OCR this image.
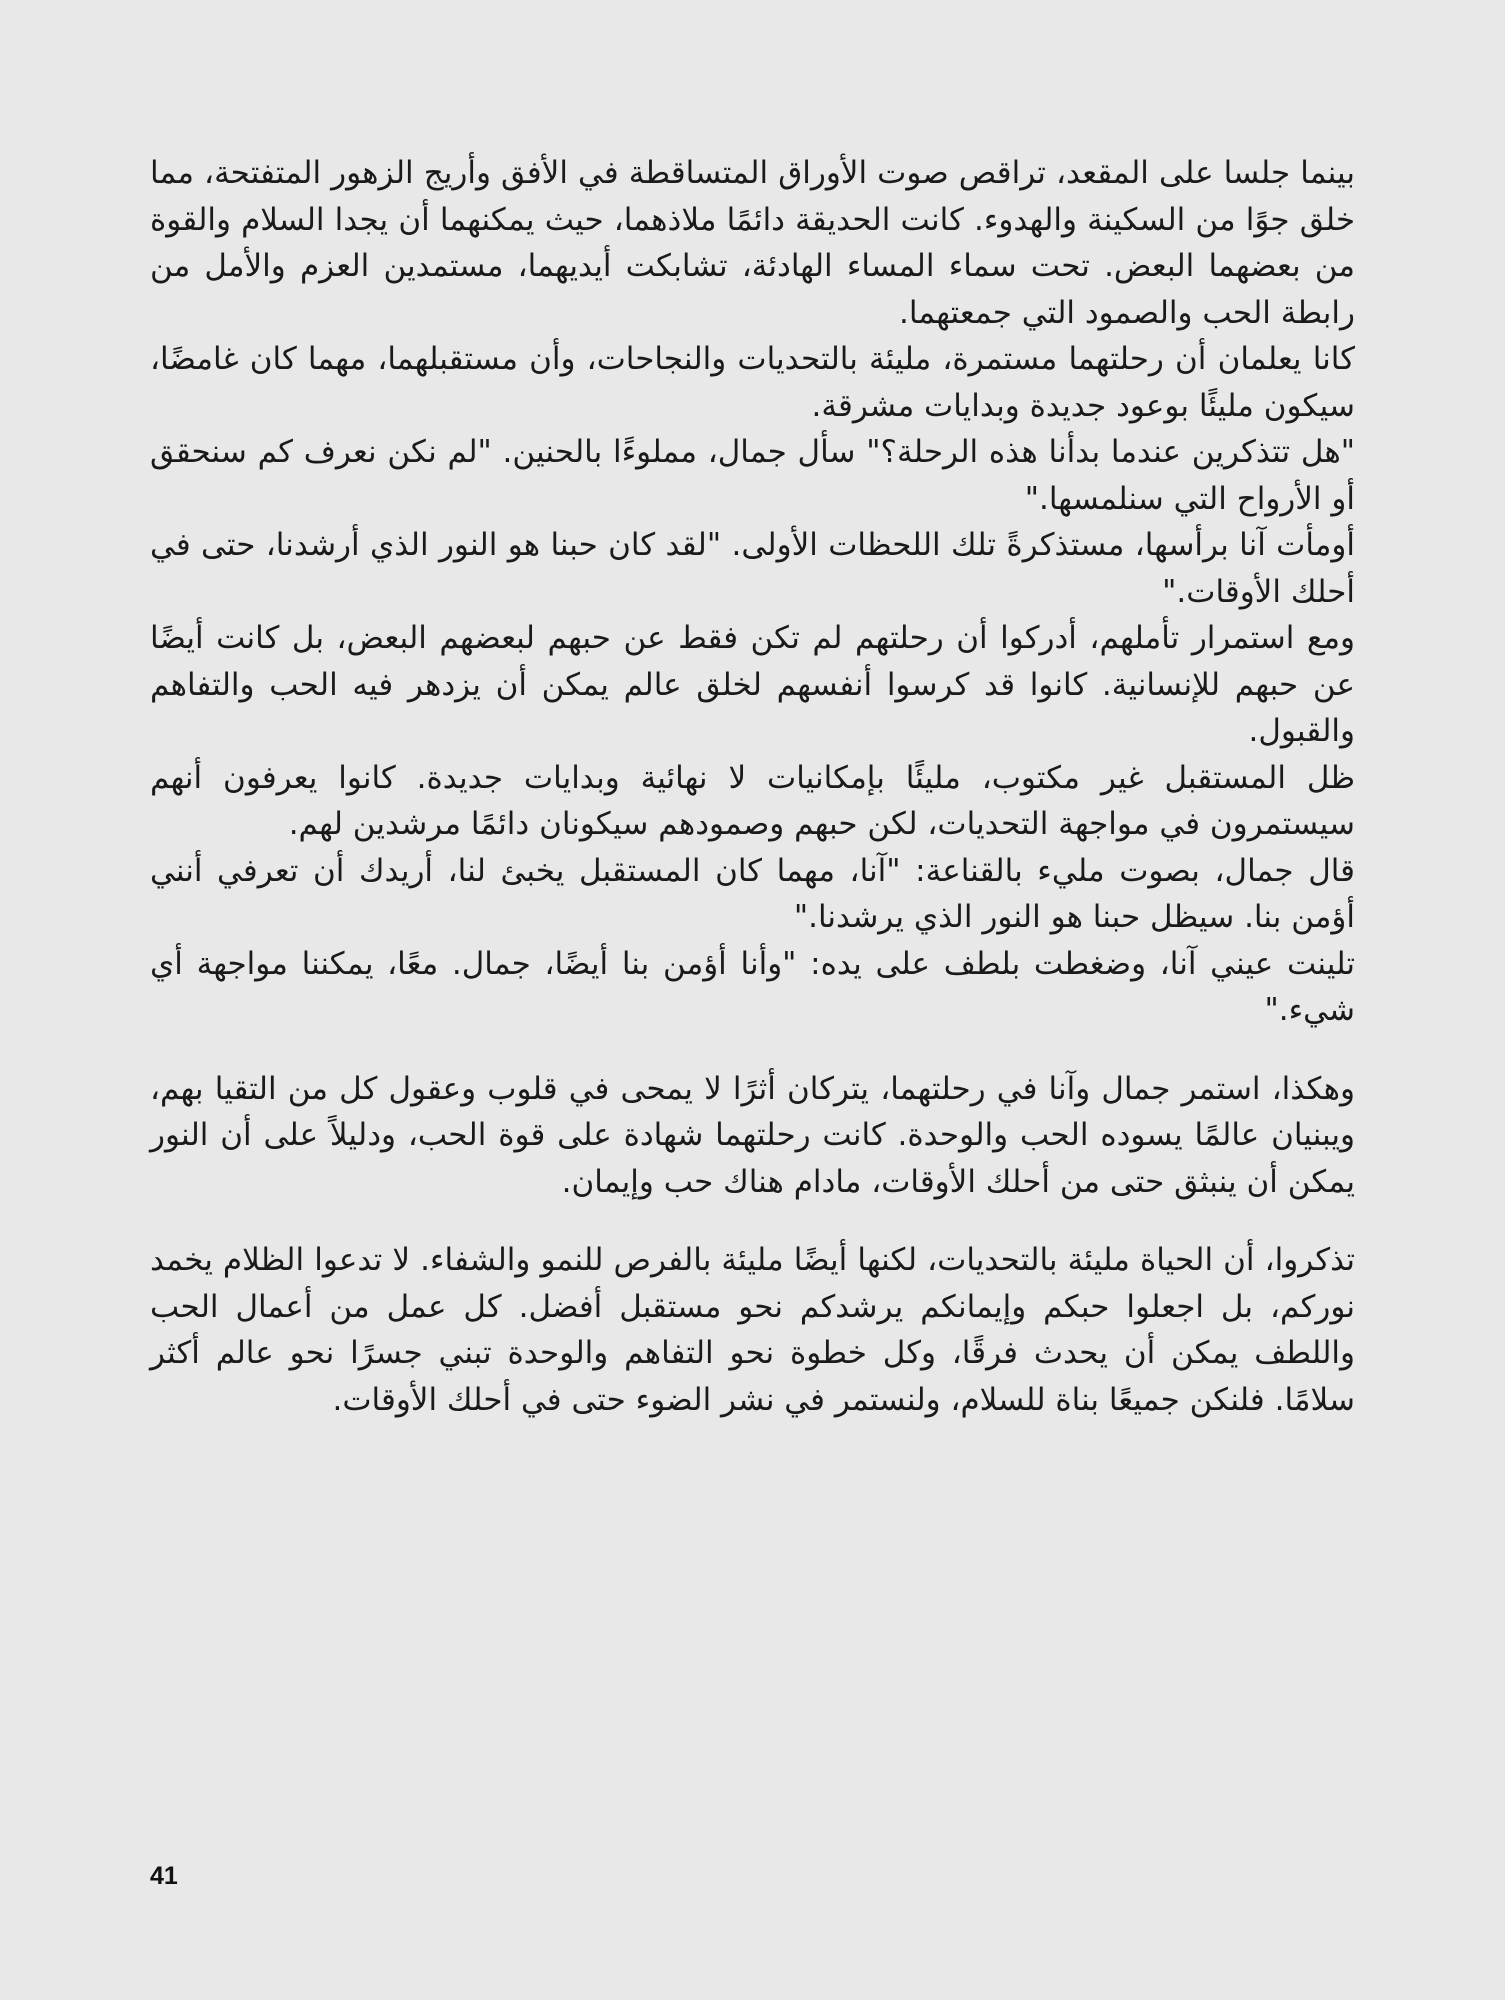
بينما جلسا على المقعد، تراقص صوت الأوراق المتساقطة في الأفق وأريج الزهور المتفتحة، مما خلق جوًا من السكينة والهدوء. كانت الحديقة دائمًا ملاذهما، حيث يمكنهما أن يجدا السلام والقوة من بعضهما البعض. تحت سماء المساء الهادئة، تشابكت أيديهما، مستمدين العزم والأمل من رابطة الحب والصمود التي جمعتهما.

كانا يعلمان أن رحلتهما مستمرة، مليئة بالتحديات والنجاحات، وأن مستقبلهما، مهما كان غامضًا، سيكون مليئًا بوعود جديدة وبدايات مشرقة.

"هل تتذكرين عندما بدأنا هذه الرحلة؟" سأل جمال، مملوءًا بالحنين. "لم نكن نعرف كم سنحقق أو الأرواح التي سنلمسها."

أومأت آنا برأسها، مستذكرةً تلك اللحظات الأولى. "لقد كان حبنا هو النور الذي أرشدنا، حتى في أحلك الأوقات."

ومع استمرار تأملهم، أدركوا أن رحلتهم لم تكن فقط عن حبهم لبعضهم البعض، بل كانت أيضًا عن حبهم للإنسانية. كانوا قد كرسوا أنفسهم لخلق عالم يمكن أن يزدهر فيه الحب والتفاهم والقبول.

ظل المستقبل غير مكتوب، مليئًا بإمكانيات لا نهائية وبدايات جديدة. كانوا يعرفون أنهم سيستمرون في مواجهة التحديات، لكن حبهم وصمودهم سيكونان دائمًا مرشدين لهم.

قال جمال، بصوت مليء بالقناعة: "آنا، مهما كان المستقبل يخبئ لنا، أريدك أن تعرفي أنني أؤمن بنا. سيظل حبنا هو النور الذي يرشدنا."

تلينت عيني آنا، وضغطت بلطف على يده: "وأنا أؤمن بنا أيضًا، جمال. معًا، يمكننا مواجهة أي شيء."

وهكذا، استمر جمال وآنا في رحلتهما، يتركان أثرًا لا يمحى في قلوب وعقول كل من التقيا بهم، ويبنيان عالمًا يسوده الحب والوحدة. كانت رحلتهما شهادة على قوة الحب، ودليلاً على أن النور يمكن أن ينبثق حتى من أحلك الأوقات، مادام هناك حب وإيمان.

تذكروا، أن الحياة مليئة بالتحديات، لكنها أيضًا مليئة بالفرص للنمو والشفاء. لا تدعوا الظلام يخمد نوركم، بل اجعلوا حبكم وإيمانكم يرشدكم نحو مستقبل أفضل. كل عمل من أعمال الحب واللطف يمكن أن يحدث فرقًا، وكل خطوة نحو التفاهم والوحدة تبني جسرًا نحو عالم أكثر سلامًا. فلنكن جميعًا بناة للسلام، ولنستمر في نشر الضوء حتى في أحلك الأوقات.

41
